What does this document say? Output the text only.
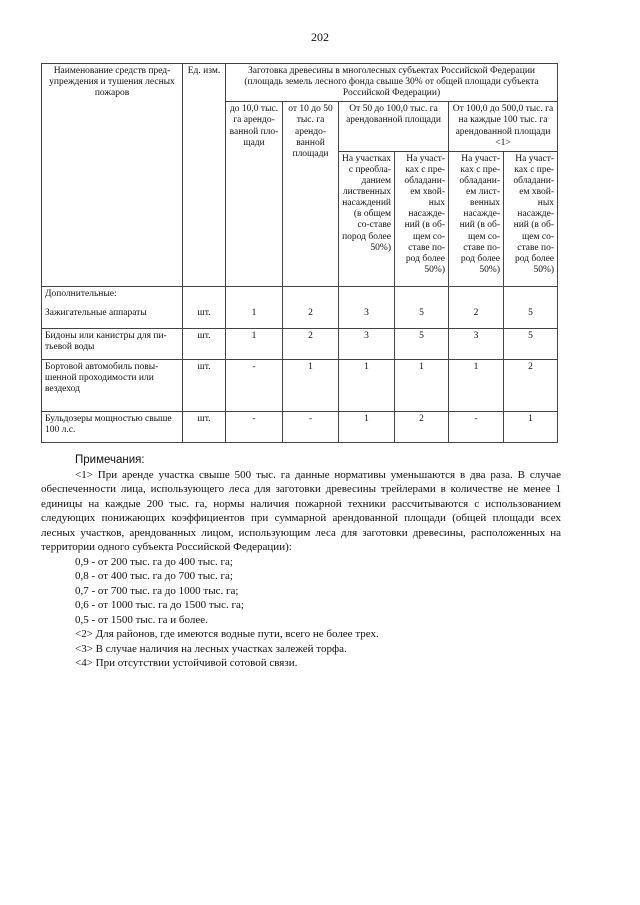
202
Наименование средств пред-упреждения и тушения лесных пожаров	Ед. изм.	Заготовка древесины в многолесных субъектах Российской Федерации (площадь земель лесного фонда свыше 30% от общей площади субъекта Российской Федерации)					
		до 10,0 тыс. га арендо-ванной пло-щади	от 10 до 50 тыс. га арендо-ванной площади	От 50 до 100,0 тыс. га арендованной площади		От 100,0 до 500,0 тыс. га на каждые 100 тыс. га арендованной площади <1>	
				На участках с преобла-данием лиственных насаждений (в общем со-ставе пород более 50%)	На участ-ках с пре-обладани-ем хвой-ных насажде-ний (в об-щем со-ставе по-род более 50%)	На участ-ках с пре-обладани-ем лист-венных насажде-ний (в об-щем со-ставе по-род более 50%)	На участ-ках с пре-обладани-ем хвой-ных насажде-ний (в об-щем со-ставе по-род более 50%)
Дополнительные:							
Зажигательные аппараты	шт.	1	2	3	5	2	5
Бидоны или канистры для пи-тьевой воды	шт.	1	2	3	5	3	5
Бортовой автомобиль повы-шенной проходимости или вездеход	шт.	-	1	1	1	1	2
Бульдозеры мощностью свыше 100 л.с.	шт.	-	-	1	2	-	1

Примечания:

<1> При аренде участка свыше 500 тыс. га данные нормативы уменьшаются в два раза. В случае обеспеченности лица, использующего леса для заготовки древесины трейлерами в количестве не менее 1 единицы на каждые 200 тыс. га, нормы наличия пожарной техники рассчитываются с использованием следующих понижающих коэффициентов при суммарной арендованной площади (общей площади всех лесных участков, арендованных лицом, использующим леса для заготовки древесины, расположенных на территории одного субъекта Российской Федерации):

0,9 - от 200 тыс. га до 400 тыс. га;

0,8 - от 400 тыс. га до 700 тыс. га;

0,7 - от 700 тыс. га до 1000 тыс. га;

0,6 - от 1000 тыс. га до 1500 тыс. га;

0,5 - от 1500 тыс. га и более.

<2> Для районов, где имеются водные пути, всего не более трех.

<3> В случае наличия на лесных участках залежей торфа.

<4> При отсутствии устойчивой сотовой связи.
